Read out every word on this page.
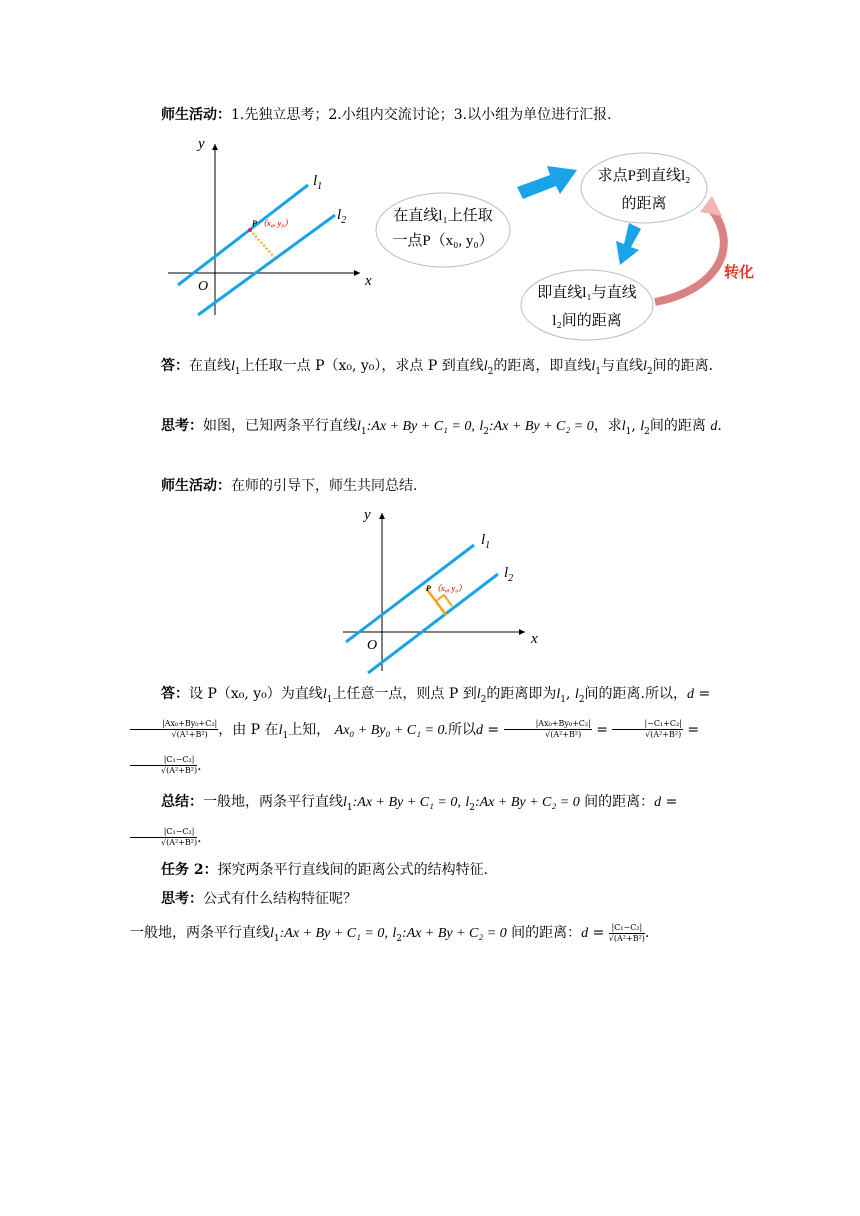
师生活动：1.先独立思考；2.小组内交流讨论；3.以小组为单位进行汇报.

y
x
O
$l_1$
$l_2$
P （x₀, y₀）	在直线l₁上任取
一点P（x₀, y₀）
求点P到直线l₂
的距离
即直线l₁与直线
l₂间的距离
转化

答：在直线$l_1$上任取一点 P（x₀, y₀），求点 P 到直线$l_2$的距离，即直线$l_1$与直线$l_2$间的距离.

思考：如图，已知两条平行直线$l_1:Ax + By + C_1 = 0$, $l_2:Ax + By + C_2 = 0$，求$l_1$, $l_2$间的距离 d.

师生活动：在师的引导下，师生共同总结.

y
x
O
$l_1$
$l_2$
P （x₀, y₀）

答：设 P（x₀, y₀）为直线$l_1$上任意一点，则点 P 到$l_2$的距离即为$l_1$, $l_2$间的距离.所以，d =
$\frac{\text{|Ax₀+By₀+C₂|}}{\text{√(A²+B²)}}$ ，由 P 在$l_1$上知， Ax₀ + By₀ + C₁ = 0.所以$d = \frac{\text{|Ax₀+By₀+C₂|}}{\text{√(A²+B²)}} = \frac{\text{|−C₁+C₂|}}{\text{√(A²+B²)}}$ =
$\frac{\text{|C₁−C₂|}}{\text{√(A²+B²)}}$ .

总结：一般地，两条平行直线$l_1:Ax + By + C_1 = 0$, $l_2:Ax + By + C_2 = 0$ 间的距离：d =
$\frac{\text{|C₁−C₂|}}{\text{√(A²+B²)}}$ .

任务 2：探究两条平行直线间的距离公式的结构特征.

思考：公式有什么结构特征呢？

一般地，两条平行直线$l_1:Ax + By + C_1 = 0$, $l_2:Ax + By + C_2 = 0$ 间的距离：$d = \frac{\text{|C₁−C₂|}}{\text{√(A²+B²)}}$ .
